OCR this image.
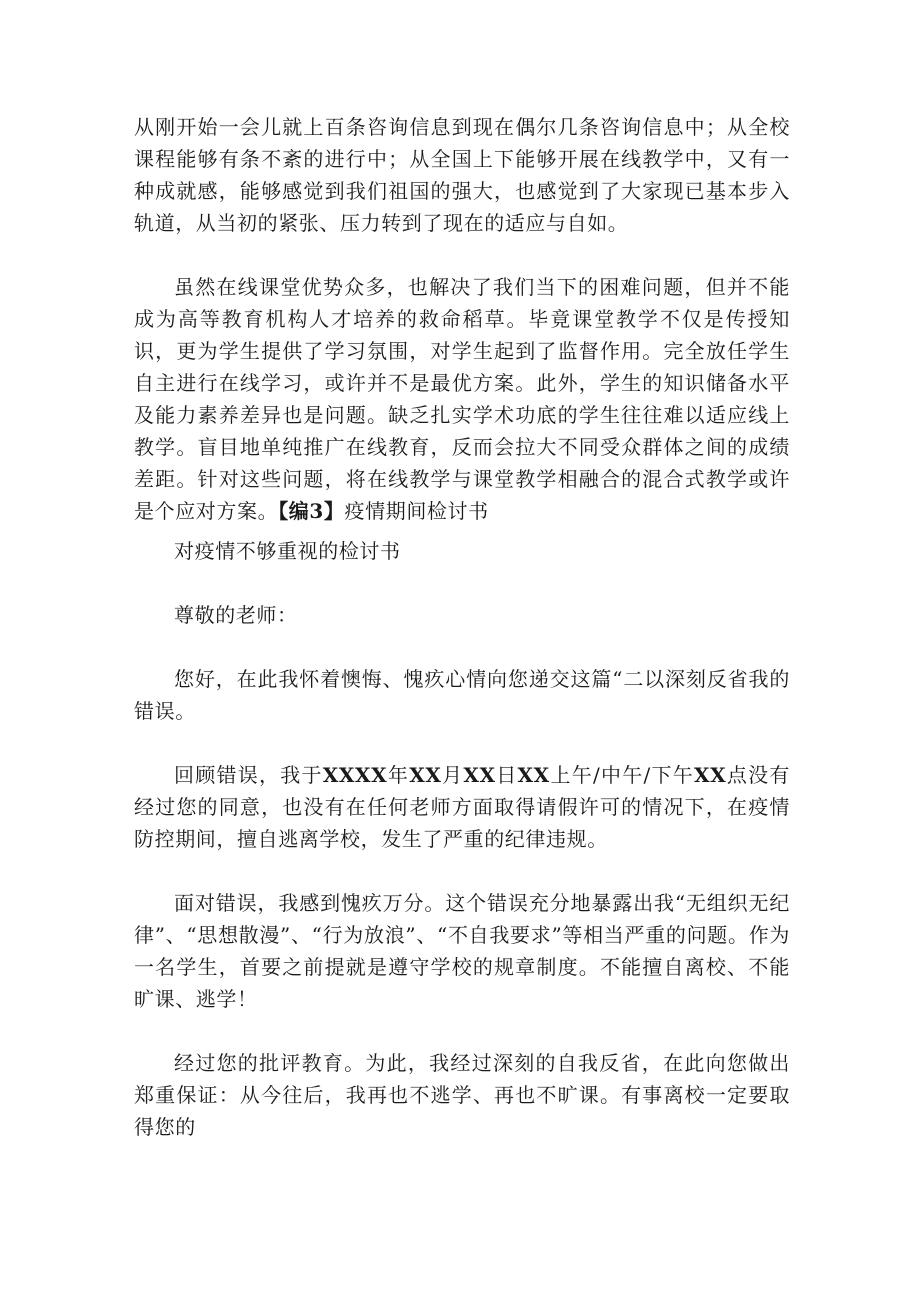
从刚开始一会儿就上百条咨询信息到现在偶尔几条咨询信息中；从全校课程能够有条不紊的进行中；从全国上下能够开展在线教学中，又有一种成就感，能够感觉到我们祖国的强大，也感觉到了大家现已基本步入轨道，从当初的紧张、压力转到了现在的适应与自如。

虽然在线课堂优势众多，也解决了我们当下的困难问题，但并不能成为高等教育机构人才培养的救命稻草。毕竟课堂教学不仅是传授知识，更为学生提供了学习氛围，对学生起到了监督作用。完全放任学生自主进行在线学习，或许并不是最优方案。此外，学生的知识储备水平及能力素养差异也是问题。缺乏扎实学术功底的学生往往难以适应线上教学。盲目地单纯推广在线教育，反而会拉大不同受众群体之间的成绩差距。针对这些问题，将在线教学与课堂教学相融合的混合式教学或许是个应对方案。【编3】疫情期间检讨书

对疫情不够重视的检讨书

尊敬的老师：

您好，在此我怀着懊悔、愧疚心情向您递交这篇“二以深刻反省我的错误。

回顾错误，我于XXXX年XX月XX日XX上午/中午/下午XX点没有经过您的同意，也没有在任何老师方面取得请假许可的情况下，在疫情防控期间，擅自逃离学校，发生了严重的纪律违规。

面对错误，我感到愧疚万分。这个错误充分地暴露出我“无组织无纪律”、“思想散漫”、“行为放浪”、“不自我要求”等相当严重的问题。作为一名学生，首要之前提就是遵守学校的规章制度。不能擅自离校、不能旷课、逃学！

经过您的批评教育。为此，我经过深刻的自我反省，在此向您做出郑重保证：从今往后，我再也不逃学、再也不旷课。有事离校一定要取得您的
